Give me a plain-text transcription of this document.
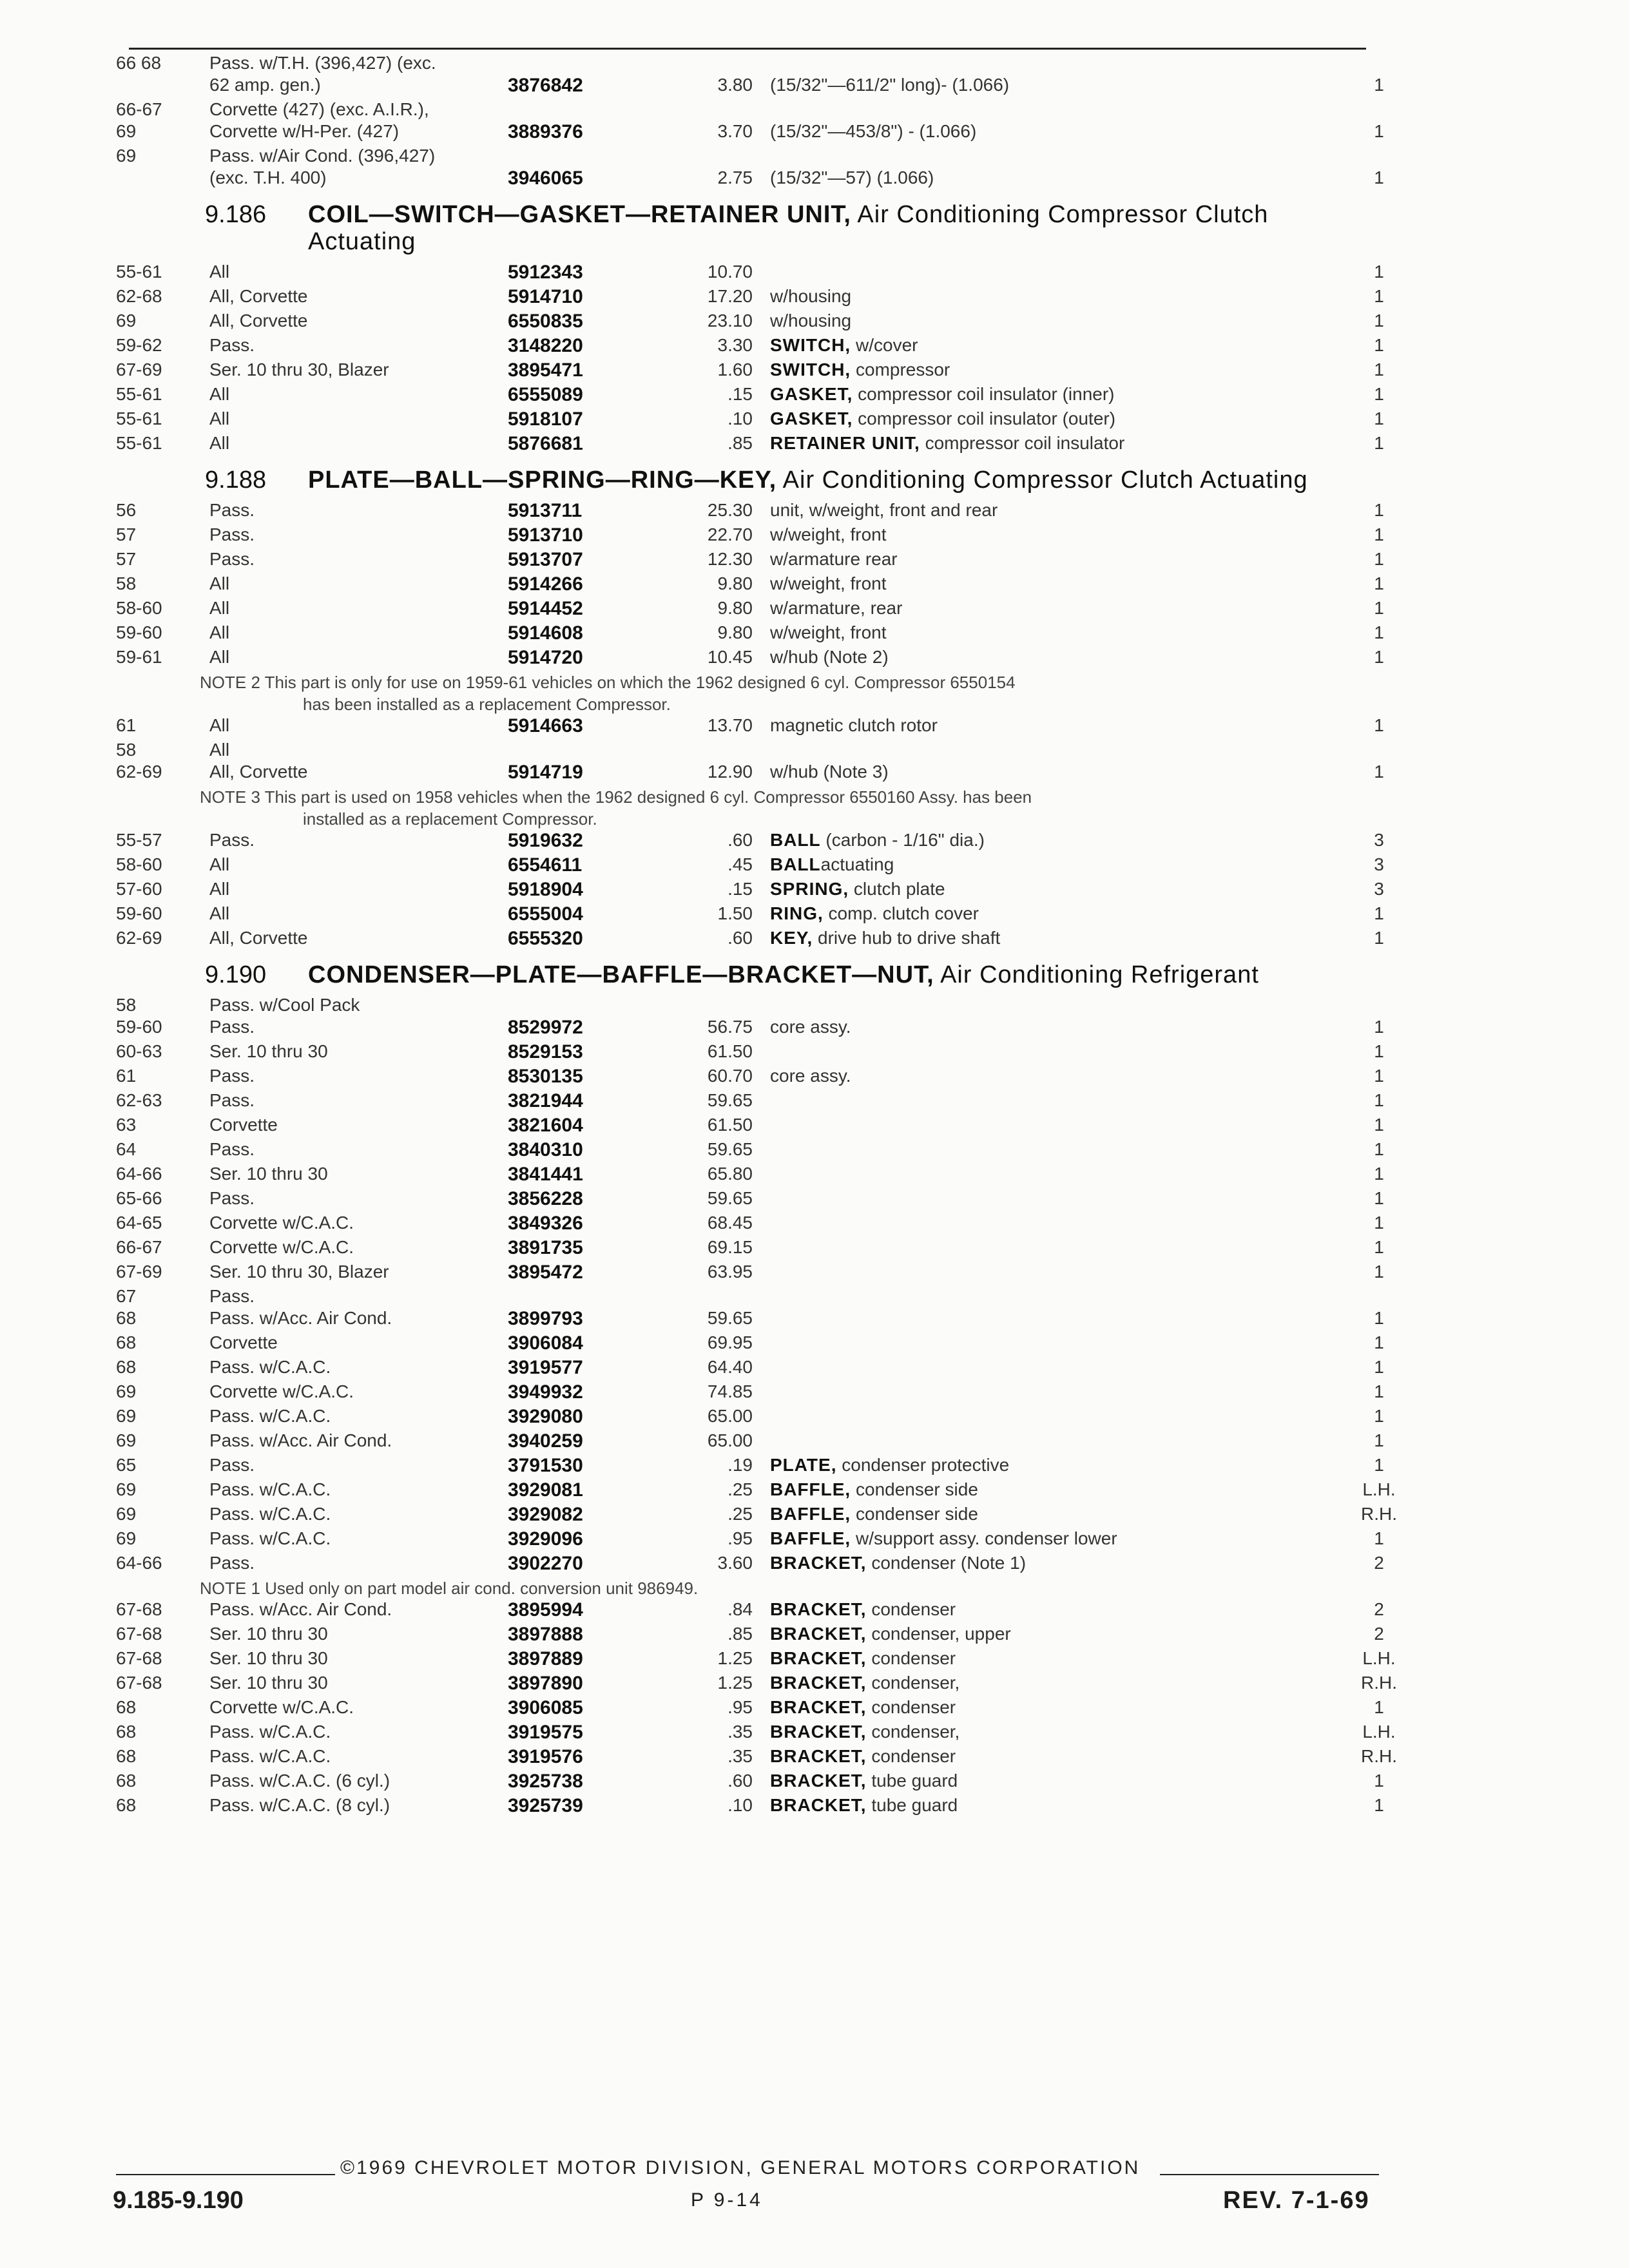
66 68	Pass. w/T.H. (396,427) (exc.
62 amp. gen.)	3876842	3.80 (15/32"—611/2" long)- (1.066)	1
66-67	Corvette (427) (exc. A.I.R.),
69	Corvette w/H-Per. (427)	3889376	3.70 (15/32"—453/8") - (1.066)	1
69	Pass. w/Air Cond. (396,427)
(exc. T.H. 400)	3946065	2.75 (15/32"—57) (1.066)	1
9.186 COIL—SWITCH—GASKET—RETAINER UNIT, Air Conditioning Compressor Clutch Actuating
55-61	All	5912343	10.70	1
62-68	All, Corvette	5914710	17.20 w/housing	1
69	All, Corvette	6550835	23.10 w/housing	1
59-62	Pass.	3148220	3.30 SWITCH, w/cover	1
67-69	Ser. 10 thru 30, Blazer	3895471	1.60 SWITCH, compressor	1
55-61	All	6555089	.15 GASKET, compressor coil insulator (inner)	1
55-61	All	5918107	.10 GASKET, compressor coil insulator (outer)	1
55-61	All	5876681	.85 RETAINER UNIT, compressor coil insulator	1
9.188 PLATE—BALL—SPRING—RING—KEY, Air Conditioning Compressor Clutch Actuating
56	Pass.	5913711	25.30 unit, w/weight, front and rear	1
57	Pass.	5913710	22.70 w/weight, front	1
57	Pass.	5913707	12.30 w/armature rear	1
58	All	5914266	9.80 w/weight, front	1
58-60	All	5914452	9.80 w/armature, rear	1
59-60	All	5914608	9.80 w/weight, front	1
59-61	All	5914720	10.45 w/hub (Note 2)	1
NOTE 2 This part is only for use on 1959-61 vehicles on which the 1962 designed 6 cyl. Compressor 6550154
has been installed as a replacement Compressor.
61	All	5914663	13.70 magnetic clutch rotor	1
58	All
62-69	All, Corvette	5914719	12.90 w/hub (Note 3)	1
NOTE 3 This part is used on 1958 vehicles when the 1962 designed 6 cyl. Compressor 6550160 Assy. has been
installed as a replacement Compressor.
55-57	Pass.	5919632	.60 BALL (carbon - 1/16" dia.)	3
58-60	All	6554611	.45 BALLactuating	3
57-60	All	5918904	.15 SPRING, clutch plate	3
59-60	All	6555004	1.50 RING, comp. clutch cover	1
62-69	All, Corvette	6555320	.60 KEY, drive hub to drive shaft	1
9.190 CONDENSER—PLATE—BAFFLE—BRACKET—NUT, Air Conditioning Refrigerant
58	Pass. w/Cool Pack
59-60	Pass.	8529972	56.75 core assy.	1
60-63	Ser. 10 thru 30	8529153	61.50	1
61	Pass.	8530135	60.70 core assy.	1
62-63	Pass.	3821944	59.65	1
63	Corvette	3821604	61.50	1
64	Pass.	3840310	59.65	1
64-66	Ser. 10 thru 30	3841441	65.80	1
65-66	Pass.	3856228	59.65	1
64-65	Corvette w/C.A.C.	3849326	68.45	1
66-67	Corvette w/C.A.C.	3891735	69.15	1
67-69	Ser. 10 thru 30, Blazer	3895472	63.95	1
67	Pass.
68	Pass. w/Acc. Air Cond.	3899793	59.65	1
68	Corvette	3906084	69.95	1
68	Pass. w/C.A.C.	3919577	64.40	1
69	Corvette w/C.A.C.	3949932	74.85	1
69	Pass. w/C.A.C.	3929080	65.00	1
69	Pass. w/Acc. Air Cond.	3940259	65.00	1
65	Pass.	3791530	.19 PLATE, condenser protective	1
69	Pass. w/C.A.C.	3929081	.25 BAFFLE, condenser side	L.H.
69	Pass. w/C.A.C.	3929082	.25 BAFFLE, condenser side	R.H.
69	Pass. w/C.A.C.	3929096	.95 BAFFLE, w/support assy. condenser lower	1
64-66	Pass.	3902270	3.60 BRACKET, condenser (Note 1)	2
NOTE 1 Used only on part model air cond. conversion unit 986949.
67-68	Pass. w/Acc. Air Cond.	3895994	.84 BRACKET, condenser	2
67-68	Ser. 10 thru 30	3897888	.85 BRACKET, condenser, upper	2
67-68	Ser. 10 thru 30	3897889	1.25 BRACKET, condenser	L.H.
67-68	Ser. 10 thru 30	3897890	1.25 BRACKET, condenser,	R.H.
68	Corvette w/C.A.C.	3906085	.95 BRACKET, condenser	1
68	Pass. w/C.A.C.	3919575	.35 BRACKET, condenser,	L.H.
68	Pass. w/C.A.C.	3919576	.35 BRACKET, condenser	R.H.
68	Pass. w/C.A.C. (6 cyl.)	3925738	.60 BRACKET, tube guard	1
68	Pass. w/C.A.C. (8 cyl.)	3925739	.10 BRACKET, tube guard	1
©1969 CHEVROLET MOTOR DIVISION, GENERAL MOTORS CORPORATION
9.185-9.190	P 9-14	REV. 7-1-69
